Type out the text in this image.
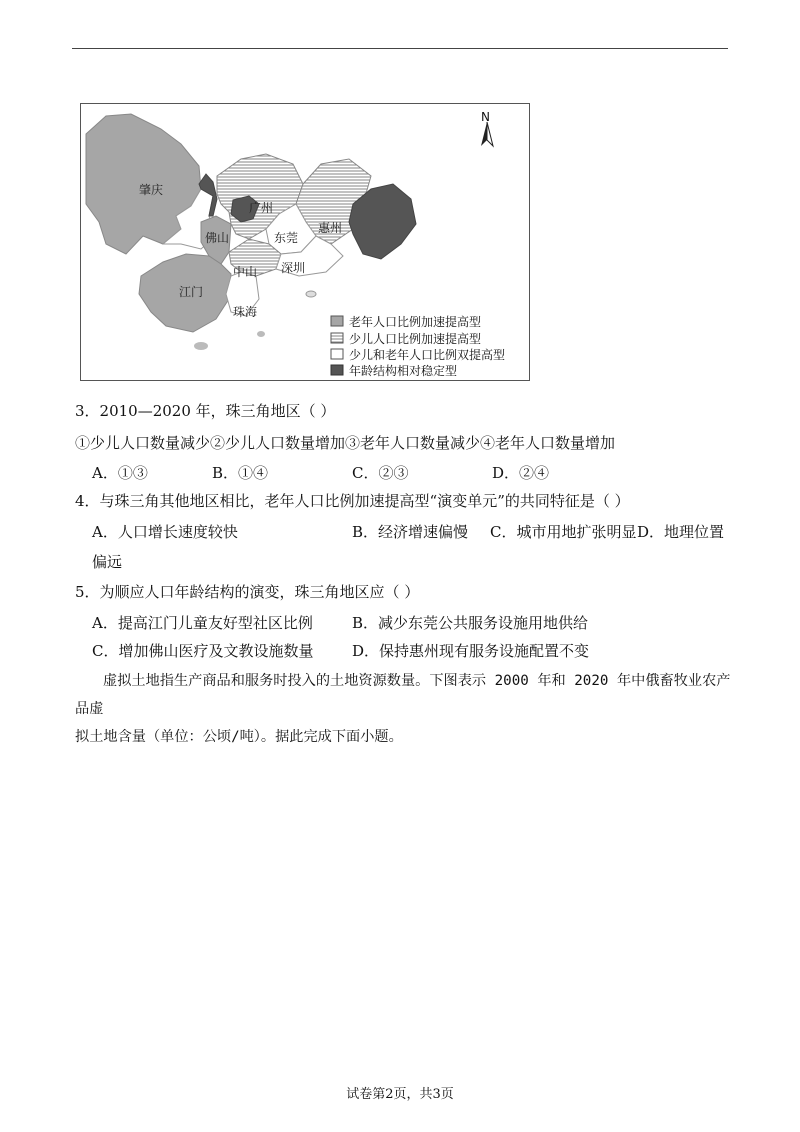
肇庆
广州
佛山	东莞
惠州
中山 深圳
江门
珠海
N
老年人口比例加速提高型
少儿人口比例加速提高型
少儿和老年人口比例双提高型
年龄结构相对稳定型
3．2010—2020 年，珠三角地区（ ）
①少儿人口数量减少②少儿人口数量增加③老年人口数量减少④老年人口数量增加
A．①③	B．①④	C．②③	D．②④
4．与珠三角其他地区相比，老年人口比例加速提高型“演变单元”的共同特征是（ ）
A．人口增长速度较快	B．经济增速偏慢 C．城市用地扩张明显 D．地理位置
偏远
5．为顺应人口年龄结构的演变，珠三角地区应（ ）
A．提高江门儿童友好型社区比例	B．减少东莞公共服务设施用地供给
C．增加佛山医疗及文教设施数量	D．保持惠州现有服务设施配置不变
虚拟土地指生产商品和服务时投入的土地资源数量。下图表示 2000 年和 2020 年中俄畜牧业农产品虚
拟土地含量（单位：公顷/吨）。据此完成下面小题。
试卷第2页，共3页
